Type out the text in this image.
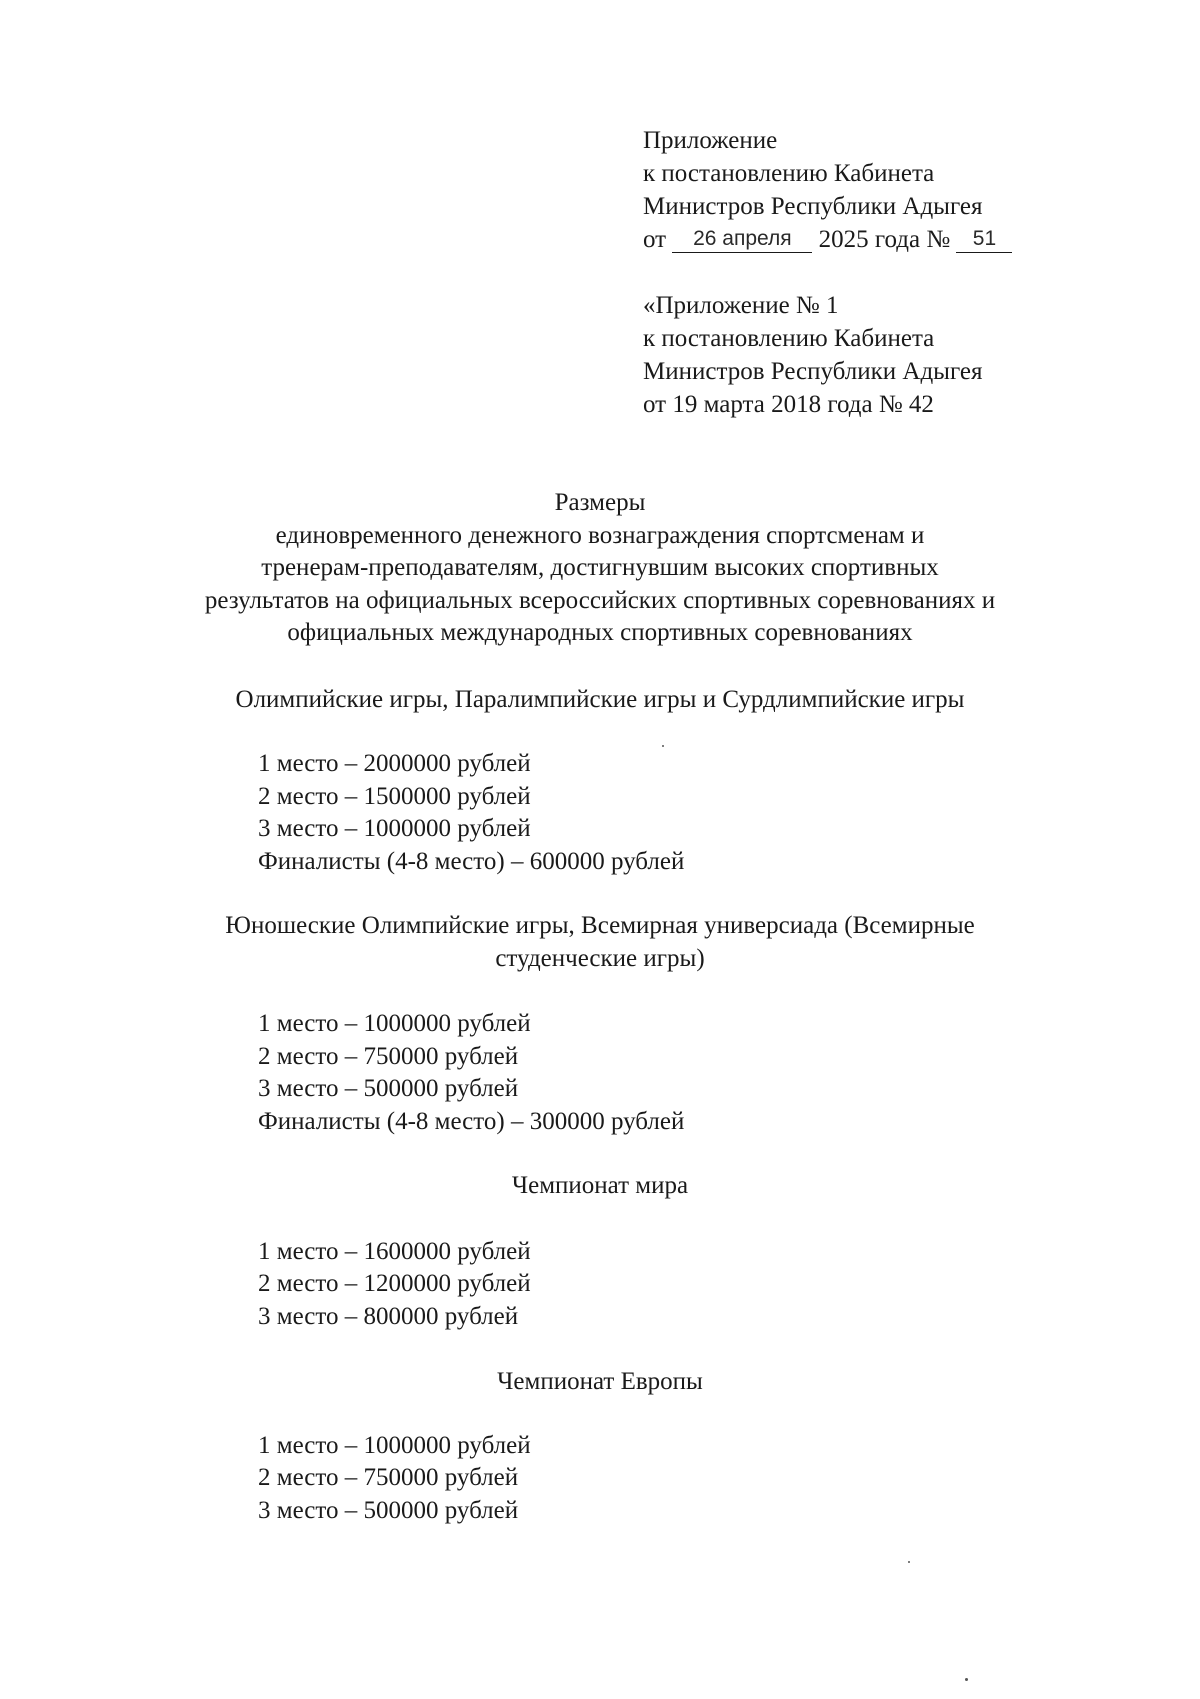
Приложение
к постановлению Кабинета
Министров Республики Адыгея
от 26 апреля 2025 года № 51
«Приложение № 1
к постановлению Кабинета
Министров Республики Адыгея
от 19 марта 2018 года № 42
Размеры
единовременного денежного вознаграждения спортсменам и
тренерам-преподавателям, достигнувшим высоких спортивных
результатов на официальных всероссийских спортивных соревнованиях и
официальных международных спортивных соревнованиях
Олимпийские игры, Паралимпийские игры и Сурдлимпийские игры
1 место – 2000000 рублей
2 место – 1500000 рублей
3 место – 1000000 рублей
Финалисты (4-8 место) – 600000 рублей
Юношеские Олимпийские игры, Всемирная универсиада (Всемирные
студенческие игры)
1 место – 1000000 рублей
2 место – 750000 рублей
3 место – 500000 рублей
Финалисты (4-8 место) – 300000 рублей
Чемпионат мира
1 место – 1600000 рублей
2 место – 1200000 рублей
3 место – 800000 рублей
Чемпионат Европы
1 место – 1000000 рублей
2 место – 750000 рублей
3 место – 500000 рублей
